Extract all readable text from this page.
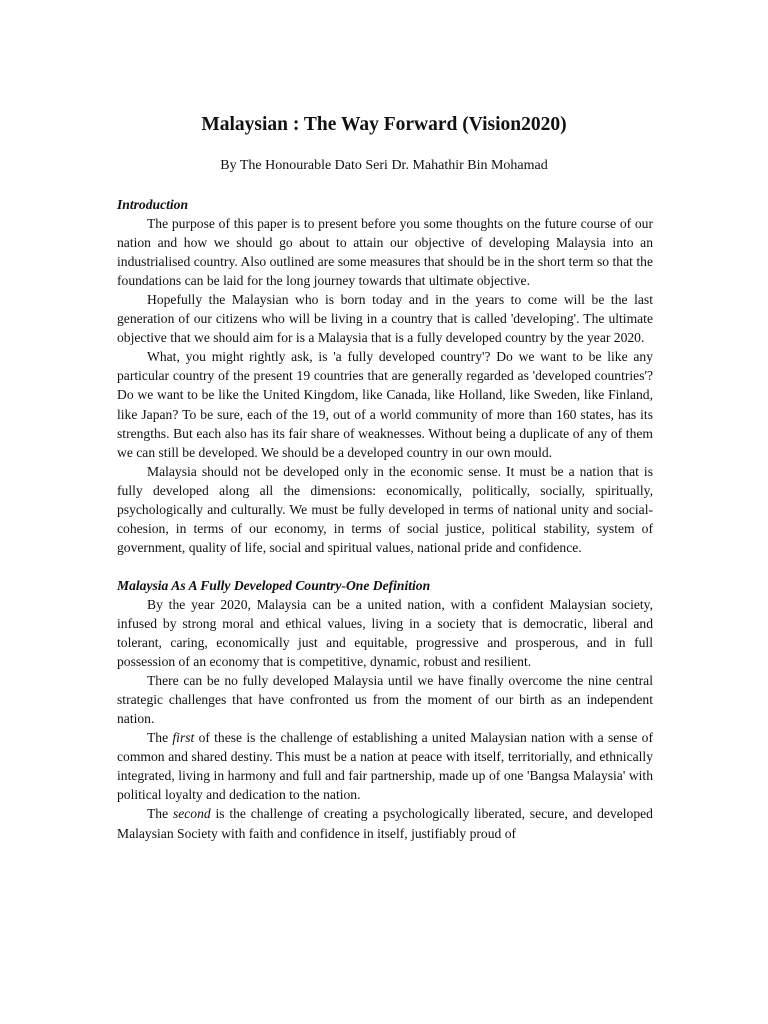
Malaysian : The Way Forward (Vision2020)
By The Honourable Dato Seri Dr. Mahathir Bin Mohamad
Introduction

The purpose of this paper is to present before you some thoughts on the future course of our nation and how we should go about to attain our objective of developing Malaysia into an industrialised country. Also outlined are some measures that should be in the short term so that the foundations can be laid for the long journey towards that ultimate objective.

Hopefully the Malaysian who is born today and in the years to come will be the last generation of our citizens who will be living in a country that is called 'developing'. The ultimate objective that we should aim for is a Malaysia that is a fully developed country by the year 2020.

What, you might rightly ask, is 'a fully developed country'? Do we want to be like any particular country of the present 19 countries that are generally regarded as 'developed countries'? Do we want to be like the United Kingdom, like Canada, like Holland, like Sweden, like Finland, like Japan? To be sure, each of the 19, out of a world community of more than 160 states, has its strengths. But each also has its fair share of weaknesses. Without being a duplicate of any of them we can still be developed. We should be a developed country in our own mould.

Malaysia should not be developed only in the economic sense. It must be a nation that is fully developed along all the dimensions: economically, politically, socially, spiritually, psychologically and culturally. We must be fully developed in terms of national unity and social-cohesion, in terms of our economy, in terms of social justice, political stability, system of government, quality of life, social and spiritual values, national pride and confidence.

Malaysia As A Fully Developed Country-One Definition

By the year 2020, Malaysia can be a united nation, with a confident Malaysian society, infused by strong moral and ethical values, living in a society that is democratic, liberal and tolerant, caring, economically just and equitable, progressive and prosperous, and in full possession of an economy that is competitive, dynamic, robust and resilient.

There can be no fully developed Malaysia until we have finally overcome the nine central strategic challenges that have confronted us from the moment of our birth as an independent nation.

The first of these is the challenge of establishing a united Malaysian nation with a sense of common and shared destiny. This must be a nation at peace with itself, territorially, and ethnically integrated, living in harmony and full and fair partnership, made up of one 'Bangsa Malaysia' with political loyalty and dedication to the nation.

The second is the challenge of creating a psychologically liberated, secure, and developed Malaysian Society with faith and confidence in itself, justifiably proud of
